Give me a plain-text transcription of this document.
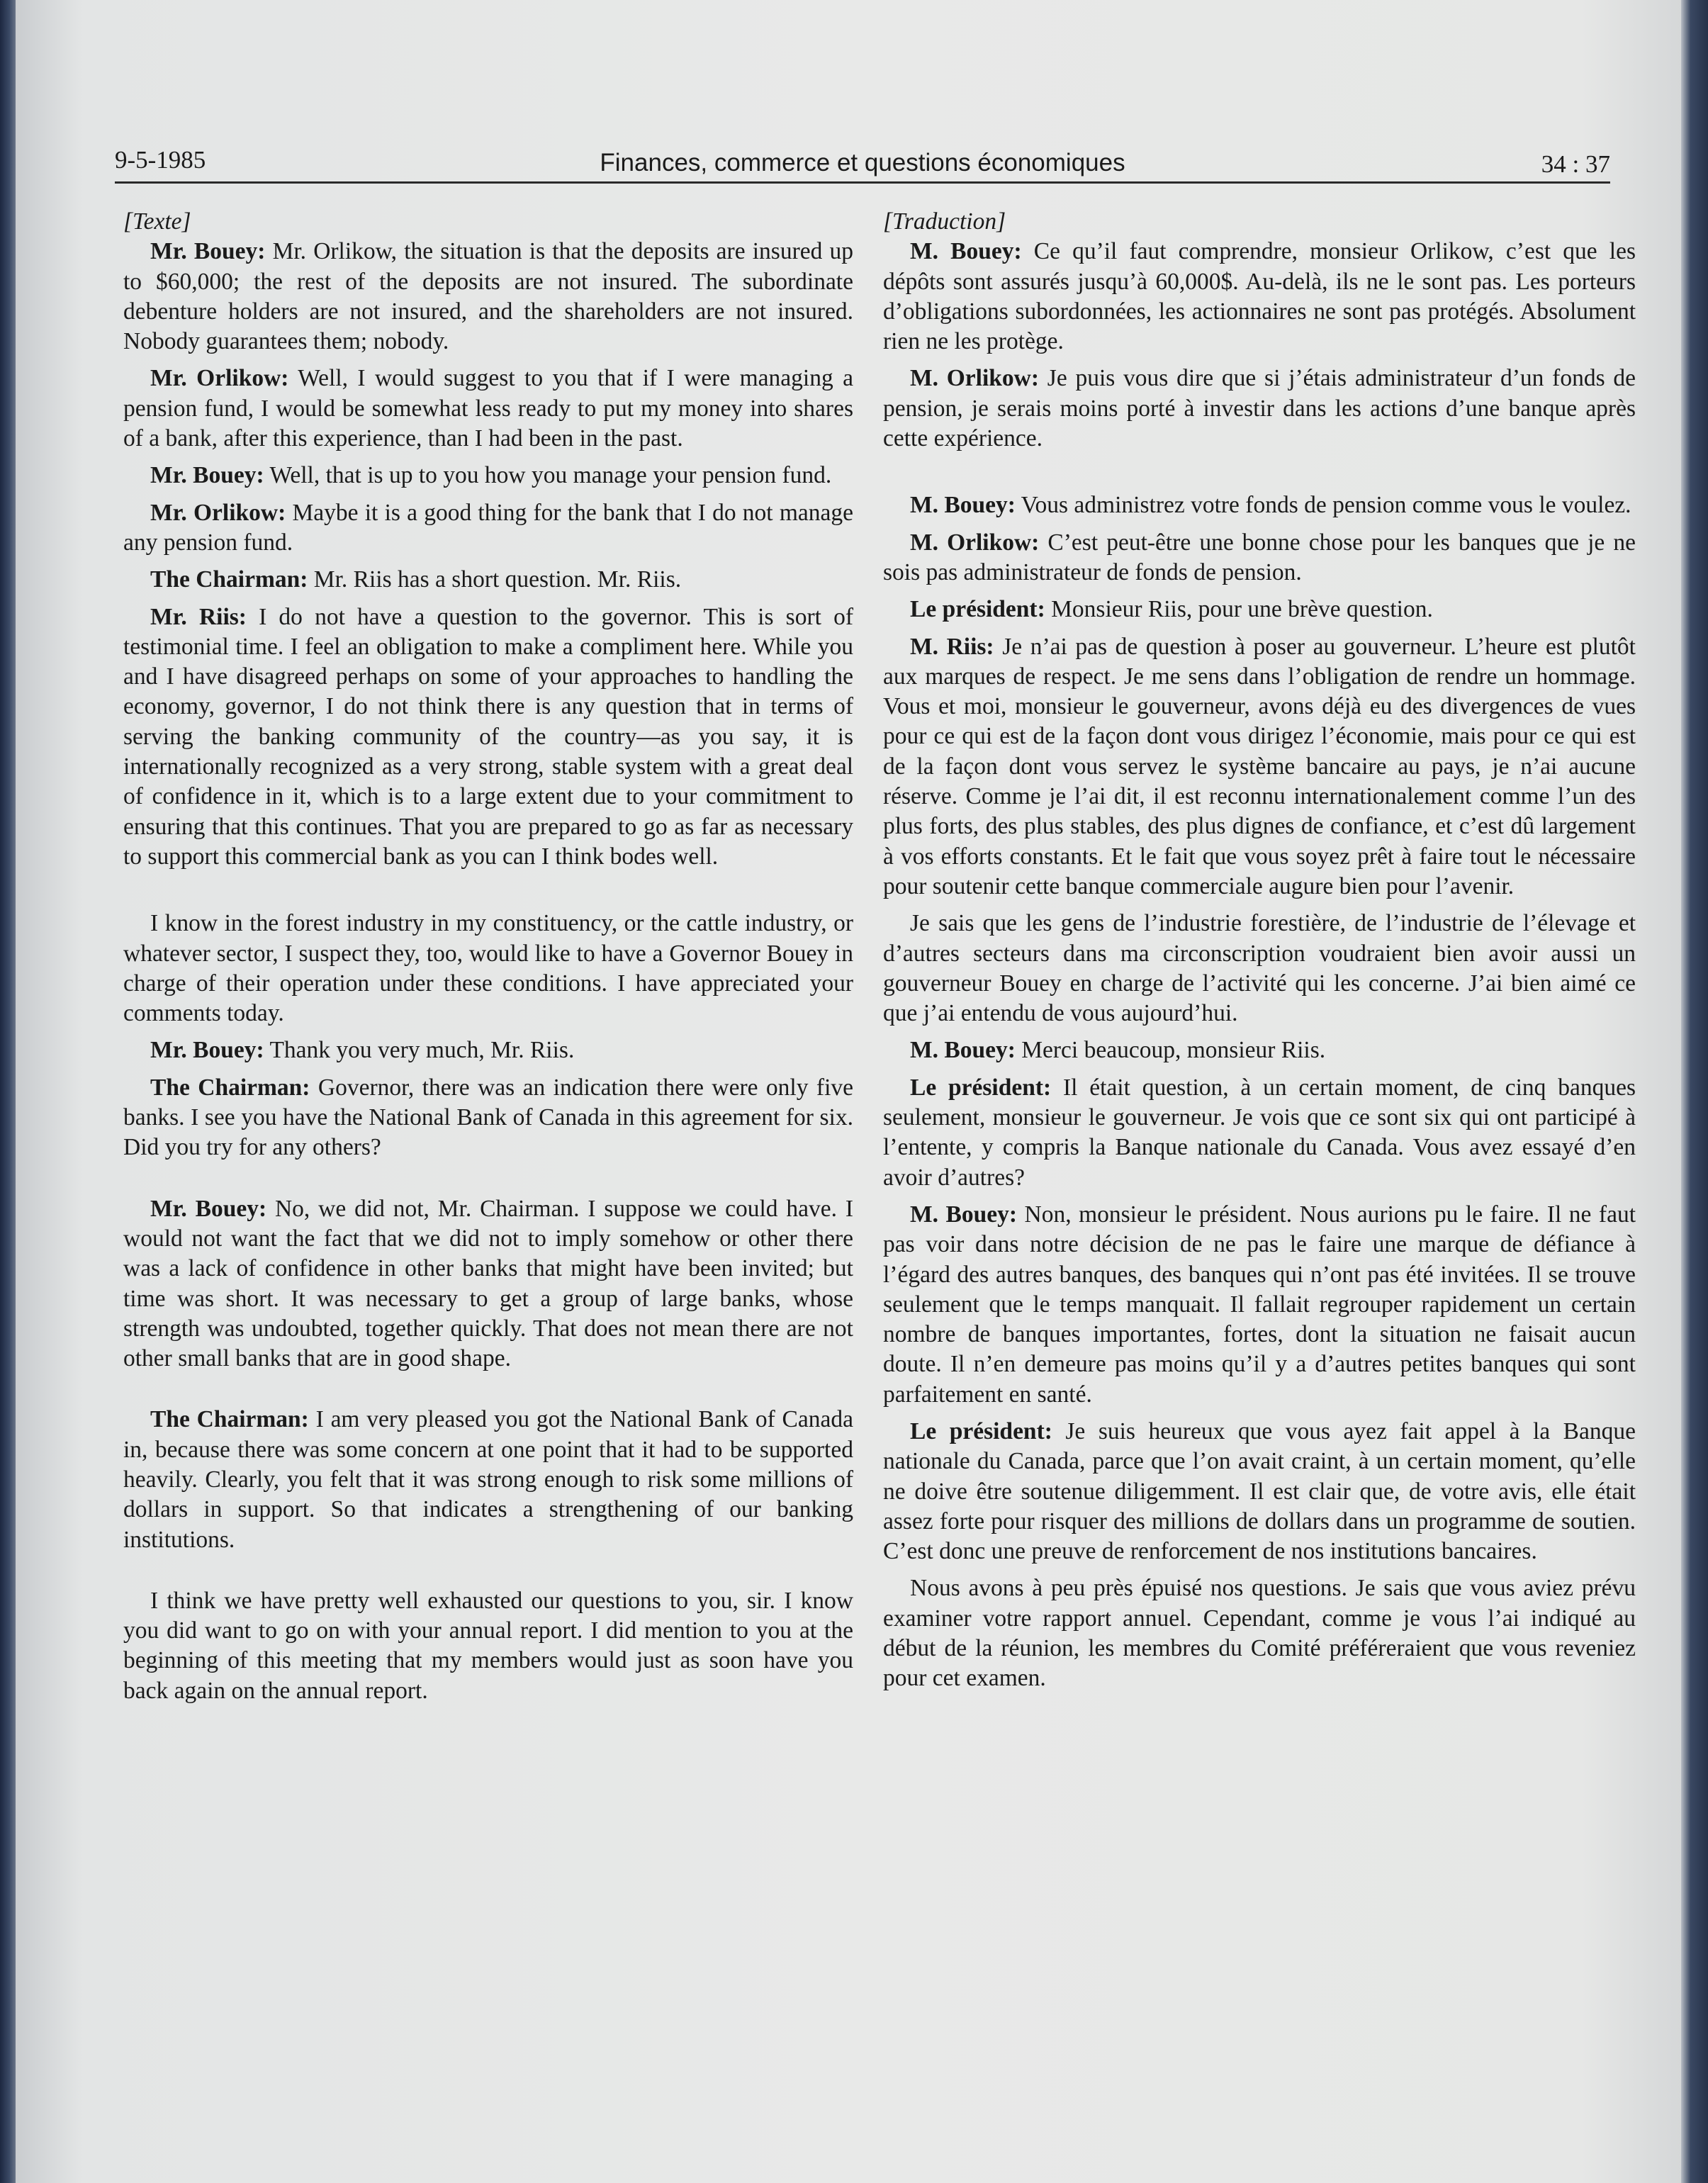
9-5-1985	Finances, commerce et questions économiques	34 : 37

[Texte]

Mr. Bouey: Mr. Orlikow, the situation is that the deposits are insured up to $60,000; the rest of the deposits are not insured. The subordinate debenture holders are not insured, and the shareholders are not insured. Nobody guarantees them; nobody.

Mr. Orlikow: Well, I would suggest to you that if I were managing a pension fund, I would be somewhat less ready to put my money into shares of a bank, after this experience, than I had been in the past.

Mr. Bouey: Well, that is up to you how you manage your pension fund.

Mr. Orlikow: Maybe it is a good thing for the bank that I do not manage any pension fund.

The Chairman: Mr. Riis has a short question. Mr. Riis.

Mr. Riis: I do not have a question to the governor. This is sort of testimonial time. I feel an obligation to make a compliment here. While you and I have disagreed perhaps on some of your approaches to handling the economy, governor, I do not think there is any question that in terms of serving the banking community of the country—as you say, it is internationally recognized as a very strong, stable system with a great deal of confidence in it, which is to a large extent due to your commitment to ensuring that this continues. That you are prepared to go as far as necessary to support this commercial bank as you can I think bodes well.

I know in the forest industry in my constituency, or the cattle industry, or whatever sector, I suspect they, too, would like to have a Governor Bouey in charge of their operation under these conditions. I have appreciated your comments today.

Mr. Bouey: Thank you very much, Mr. Riis.

The Chairman: Governor, there was an indication there were only five banks. I see you have the National Bank of Canada in this agreement for six. Did you try for any others?

Mr. Bouey: No, we did not, Mr. Chairman. I suppose we could have. I would not want the fact that we did not to imply somehow or other there was a lack of confidence in other banks that might have been invited; but time was short. It was necessary to get a group of large banks, whose strength was undoubted, together quickly. That does not mean there are not other small banks that are in good shape.

The Chairman: I am very pleased you got the National Bank of Canada in, because there was some concern at one point that it had to be supported heavily. Clearly, you felt that it was strong enough to risk some millions of dollars in support. So that indicates a strengthening of our banking institutions.

I think we have pretty well exhausted our questions to you, sir. I know you did want to go on with your annual report. I did mention to you at the beginning of this meeting that my members would just as soon have you back again on the annual report.

[Traduction]

M. Bouey: Ce qu’il faut comprendre, monsieur Orlikow, c’est que les dépôts sont assurés jusqu’à 60,000$. Au-delà, ils ne le sont pas. Les porteurs d’obligations subordonnées, les actionnaires ne sont pas protégés. Absolument rien ne les protège.

M. Orlikow: Je puis vous dire que si j’étais administrateur d’un fonds de pension, je serais moins porté à investir dans les actions d’une banque après cette expérience.

M. Bouey: Vous administrez votre fonds de pension comme vous le voulez.

M. Orlikow: C’est peut-être une bonne chose pour les banques que je ne sois pas administrateur de fonds de pension.

Le président: Monsieur Riis, pour une brève question.

M. Riis: Je n’ai pas de question à poser au gouverneur. L’heure est plutôt aux marques de respect. Je me sens dans l’obligation de rendre un hommage. Vous et moi, monsieur le gouverneur, avons déjà eu des divergences de vues pour ce qui est de la façon dont vous dirigez l’économie, mais pour ce qui est de la façon dont vous servez le système bancaire au pays, je n’ai aucune réserve. Comme je l’ai dit, il est reconnu internationalement comme l’un des plus forts, des plus stables, des plus dignes de confiance, et c’est dû largement à vos efforts constants. Et le fait que vous soyez prêt à faire tout le nécessaire pour soutenir cette banque commerciale augure bien pour l’avenir.

Je sais que les gens de l’industrie forestière, de l’industrie de l’élevage et d’autres secteurs dans ma circonscription voudraient bien avoir aussi un gouverneur Bouey en charge de l’activité qui les concerne. J’ai bien aimé ce que j’ai entendu de vous aujourd’hui.

M. Bouey: Merci beaucoup, monsieur Riis.

Le président: Il était question, à un certain moment, de cinq banques seulement, monsieur le gouverneur. Je vois que ce sont six qui ont participé à l’entente, y compris la Banque nationale du Canada. Vous avez essayé d’en avoir d’autres?

M. Bouey: Non, monsieur le président. Nous aurions pu le faire. Il ne faut pas voir dans notre décision de ne pas le faire une marque de défiance à l’égard des autres banques, des banques qui n’ont pas été invitées. Il se trouve seulement que le temps manquait. Il fallait regrouper rapidement un certain nombre de banques importantes, fortes, dont la situation ne faisait aucun doute. Il n’en demeure pas moins qu’il y a d’autres petites banques qui sont parfaitement en santé.

Le président: Je suis heureux que vous ayez fait appel à la Banque nationale du Canada, parce que l’on avait craint, à un certain moment, qu’elle ne doive être soutenue diligemment. Il est clair que, de votre avis, elle était assez forte pour risquer des millions de dollars dans un programme de soutien. C’est donc une preuve de renforcement de nos institutions bancaires.

Nous avons à peu près épuisé nos questions. Je sais que vous aviez prévu examiner votre rapport annuel. Cependant, comme je vous l’ai indiqué au début de la réunion, les membres du Comité préféreraient que vous reveniez pour cet examen.
